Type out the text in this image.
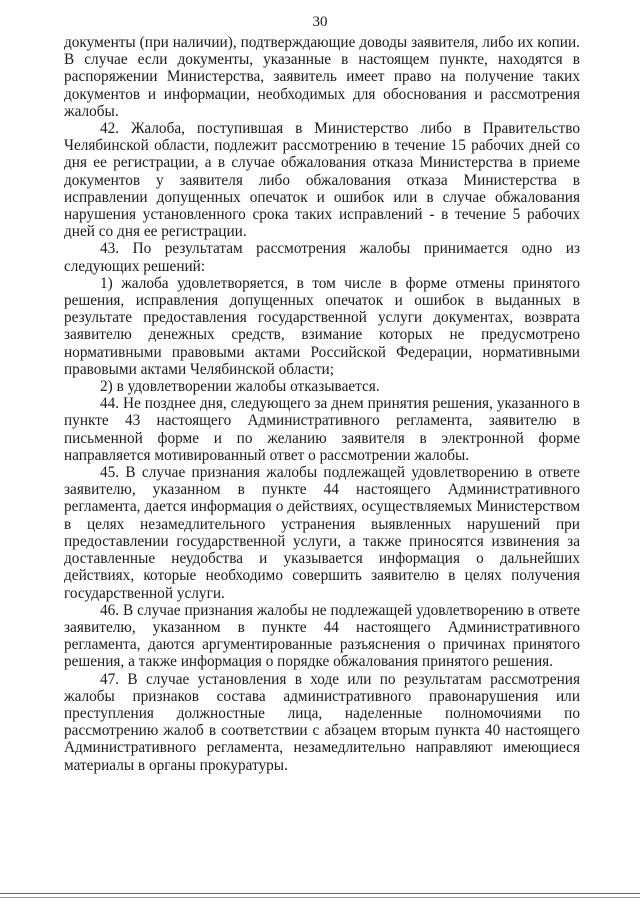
30

документы (при наличии), подтверждающие доводы заявителя, либо их копии. В случае если документы, указанные в настоящем пункте, находятся в распоряжении Министерства, заявитель имеет право на получение таких документов и информации, необходимых для обоснования и рассмотрения жалобы.

42. Жалоба, поступившая в Министерство либо в Правительство Челябинской области, подлежит рассмотрению в течение 15 рабочих дней со дня ее регистрации, а в случае обжалования отказа Министерства в приеме документов у заявителя либо обжалования отказа Министерства в исправлении допущенных опечаток и ошибок или в случае обжалования нарушения установленного срока таких исправлений - в течение 5 рабочих дней со дня ее регистрации.

43. По результатам рассмотрения жалобы принимается одно из следующих решений:

1) жалоба удовлетворяется, в том числе в форме отмены принятого решения, исправления допущенных опечаток и ошибок в выданных в результате предоставления государственной услуги документах, возврата заявителю денежных средств, взимание которых не предусмотрено нормативными правовыми актами Российской Федерации, нормативными правовыми актами Челябинской области;

2) в удовлетворении жалобы отказывается.

44. Не позднее дня, следующего за днем принятия решения, указанного в пункте 43 настоящего Административного регламента, заявителю в письменной форме и по желанию заявителя в электронной форме направляется мотивированный ответ о рассмотрении жалобы.

45. В случае признания жалобы подлежащей удовлетворению в ответе заявителю, указанном в пункте 44 настоящего Административного регламента, дается информация о действиях, осуществляемых Министерством в целях незамедлительного устранения выявленных нарушений при предоставлении государственной услуги, а также приносятся извинения за доставленные неудобства и указывается информация о дальнейших действиях, которые необходимо совершить заявителю в целях получения государственной услуги.

46. В случае признания жалобы не подлежащей удовлетворению в ответе заявителю, указанном в пункте 44 настоящего Административного регламента, даются аргументированные разъяснения о причинах принятого решения, а также информация о порядке обжалования принятого решения.

47. В случае установления в ходе или по результатам рассмотрения жалобы признаков состава административного правонарушения или преступления должностные лица, наделенные полномочиями по рассмотрению жалоб в соответствии с абзацем вторым пункта 40 настоящего Административного регламента, незамедлительно направляют имеющиеся материалы в органы прокуратуры.
